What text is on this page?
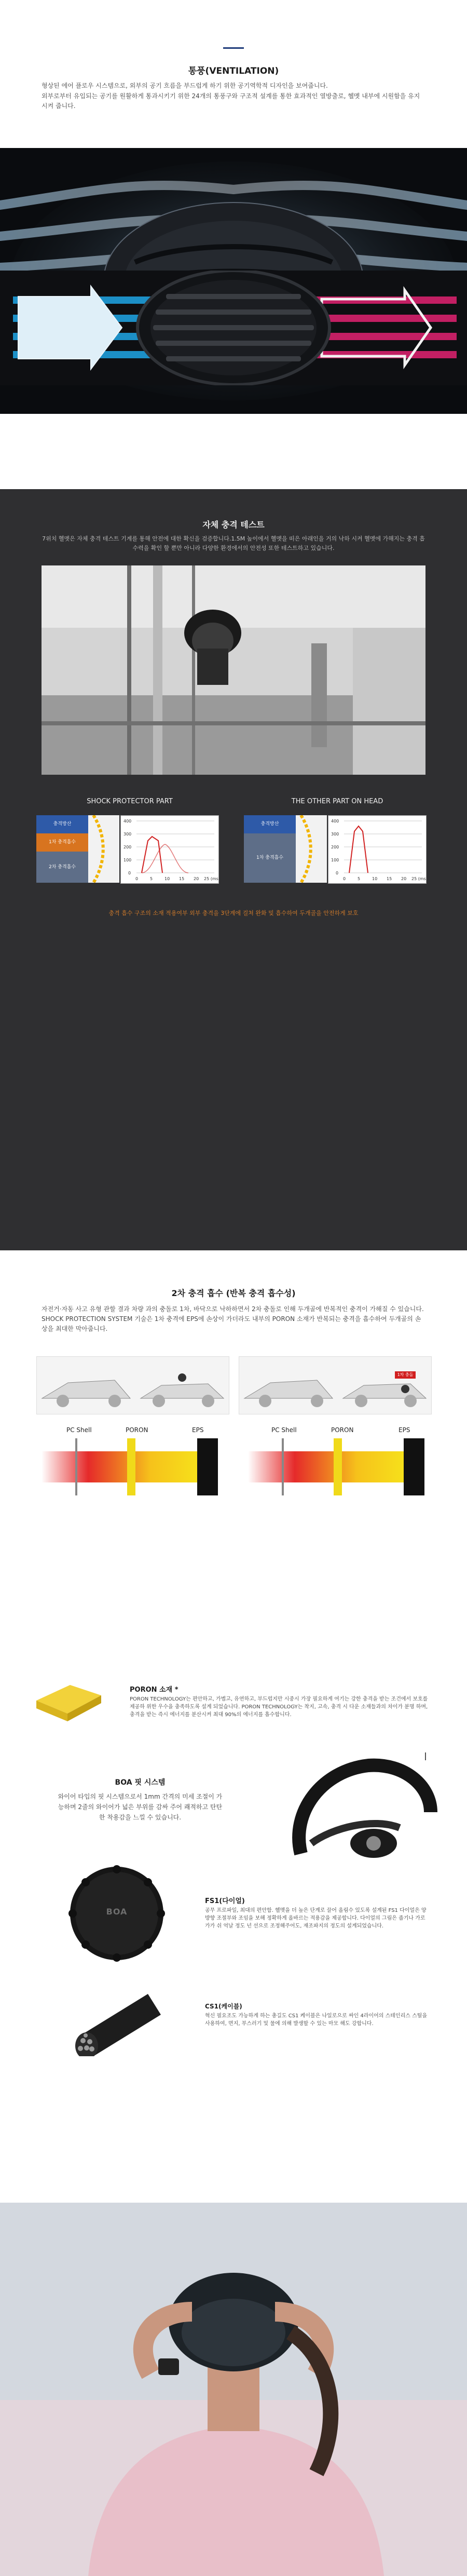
통풍(VENTILATION)
형상된 에어 플로우 시스템으로, 외부의 공기 흐름을 부드럽게 하기 위한 공기역학적 디자인을 보여줍니다.
외부로부터 유입되는 공기를 원활하게 통과시키기 위한 24개의 통풍구와 구조적 설계를 통한 효과적인 열방출로, 헬멧 내부에 시원함을 유지시켜 줍니다.
자체 충격 테스트
7위치 헬멧은 자체 충격 테스트 기계를 통해 안전에 대한 확신을 검증합니다.1.5M 높이에서 헬멧을 떠은 아래인을 거의 낙하 시켜 헬멧에 가해지는 충격 흡수력을 확인 할 뿐만 아니라 다양한 환경에서의 안전성 또한 테스트하고 있습니다.
SHOCK PROTECTOR PART	THE OTHER PART ON HEAD
충격방산
1차 충격흡수
2차 충격흡수
400
300
200
100
0
0	5	10 15 20 25 (ms)
충격방산
1차 충격흡수
400
300
200
100
0
0	5	10 15 20 25 (ms)
충격 흡수 구조의 소재 적용여부 외부 충격을 3단계에 걸쳐 완화 및 흡수하여 두개골을 안전하게 보호
2차 충격 흡수 (반복 충격 흡수성)
자전거·자동 사고 유형 관할 결과 차량 과의 충돌로 1차, 바닥으로 낙하하면서 2차 충돌로 인해 두개골에 반복적인 충격이 가해질 수 있습니다. SHOCK PROTECTION SYSTEM 기술은 1차 충격에 EPS에 손상이 가더라도 내부의 PORON 소재가 반복되는 충격을 흡수하여 두개골의 손상을 최대한 막아줍니다.
1차 충돌
PC Shell	PORON	EPS	PC Shell	PORON	EPS
PORON 소재 *
PORON TECHNOLOGY는 편안하고, 가볍고, 유연하고, 부드럽지만 시중시 가장 필요하게 여기는 강한 충격을 받는 조건에서 보호를 제공하 위한 우수을 충족하도록 설계 되었습니다. PORON TECHNOLOGY는 착지, 고속, 충격 시 다운 소재들과의 차이가 분명 하며, 충격을 받는 즉시 에너지를 분산시켜 최대 90%의 에너지를 흡수합니다.
BOA 핏 시스템
와이어 타입의 핏 시스템으로서 1mm 간격의 미세 조절이 가능하며 2줄의 와이어가 넓은 부위를 감싸 주어 쾌적하고 탄탄한 착용감을 느낄 수 있습니다.
BOA
FS1(다이얼)
공무 프로파일, 최대의 편안함. 헬멧을 더 높은 단계로 끌어 올림수 있도록 설계된 FS1 다이얼은 양뱡향 조절부와 조임을 보해 정확하게 올바르는 적용감을 제공합니다. 다이얼의 그림은 좁기나 가로가가 쉬 억날 정도 넌 선으로 조정해주어도, 재조파지의 정도의 설계되었습니다.
CS1(케이블)
혁신 필요조도 가능하게 하는 총길도 CS1 케이블은 나일로으로 싸인 4라이어의 스테인리스 스틸을 사용하여, 면지, 부스러기 및 물에 의해 발생할 수 있는 마모 해도 강합니다.
